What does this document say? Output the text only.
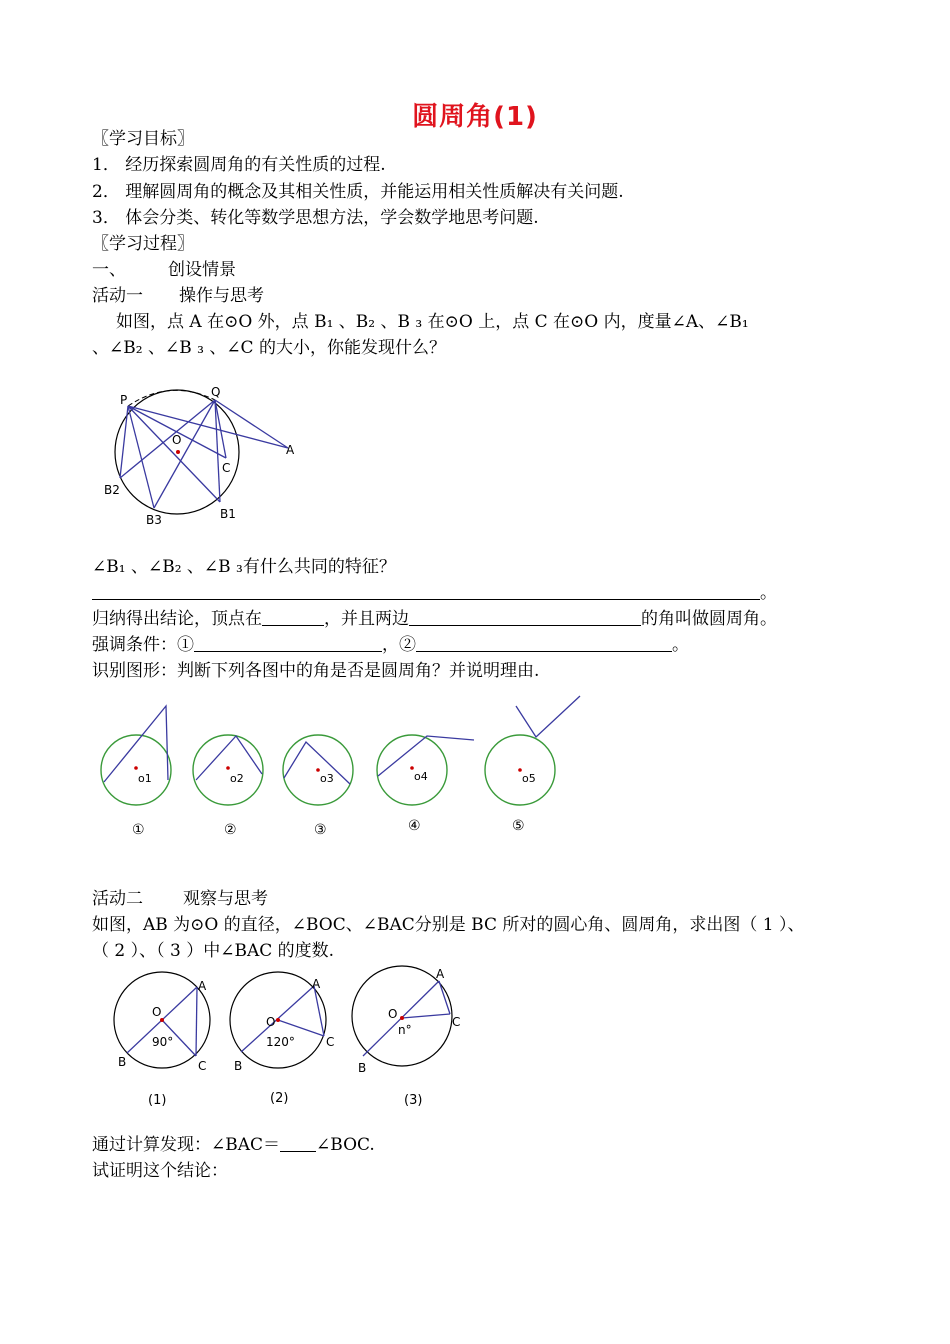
圆周角(1)
〖学习目标〗
1． 经历探索圆周角的有关性质的过程.
2． 理解圆周角的概念及其相关性质，并能运用相关性质解决有关问题.
3． 体会分类、转化等数学思想方法，学会数学地思考问题.
〖学习过程〗
一、 创设情景
活动一 操作与思考
如图，点 A 在⊙O 外，点 B₁ 、B₂ 、B ₃ 在⊙O 上，点 C 在⊙O 内，度量∠A、∠B₁
、∠B₂ 、∠B ₃ 、∠C 的大小，你能发现什么？
P
Q
O
C
A
B2
B3	B1
∠B₁ 、∠B₂ 、∠B ₃有什么共同的特征？
。
归纳得出结论，顶点在	，并且两边	的角叫做圆周角。
强调条件：①	，②	。
识别图形：判断下列各图中的角是否是圆周角？并说明理由.
o1	o2	o3	o4	o5
①	②	③	④	⑤
活动二 观察与思考
如图，AB 为⊙O 的直径，∠BOC、∠BAC分别是 BC 所对的圆心角、圆周角，求出图（ 1 ）、
（ 2 ）、（ 3 ）中∠BAC 的度数.
O
A
B	C
O
A
B
C
O
A
B
C
90°	120°
n°
(1)	(2)	(3)
通过计算发现：∠BAC＝ ∠BOC.
试证明这个结论：
